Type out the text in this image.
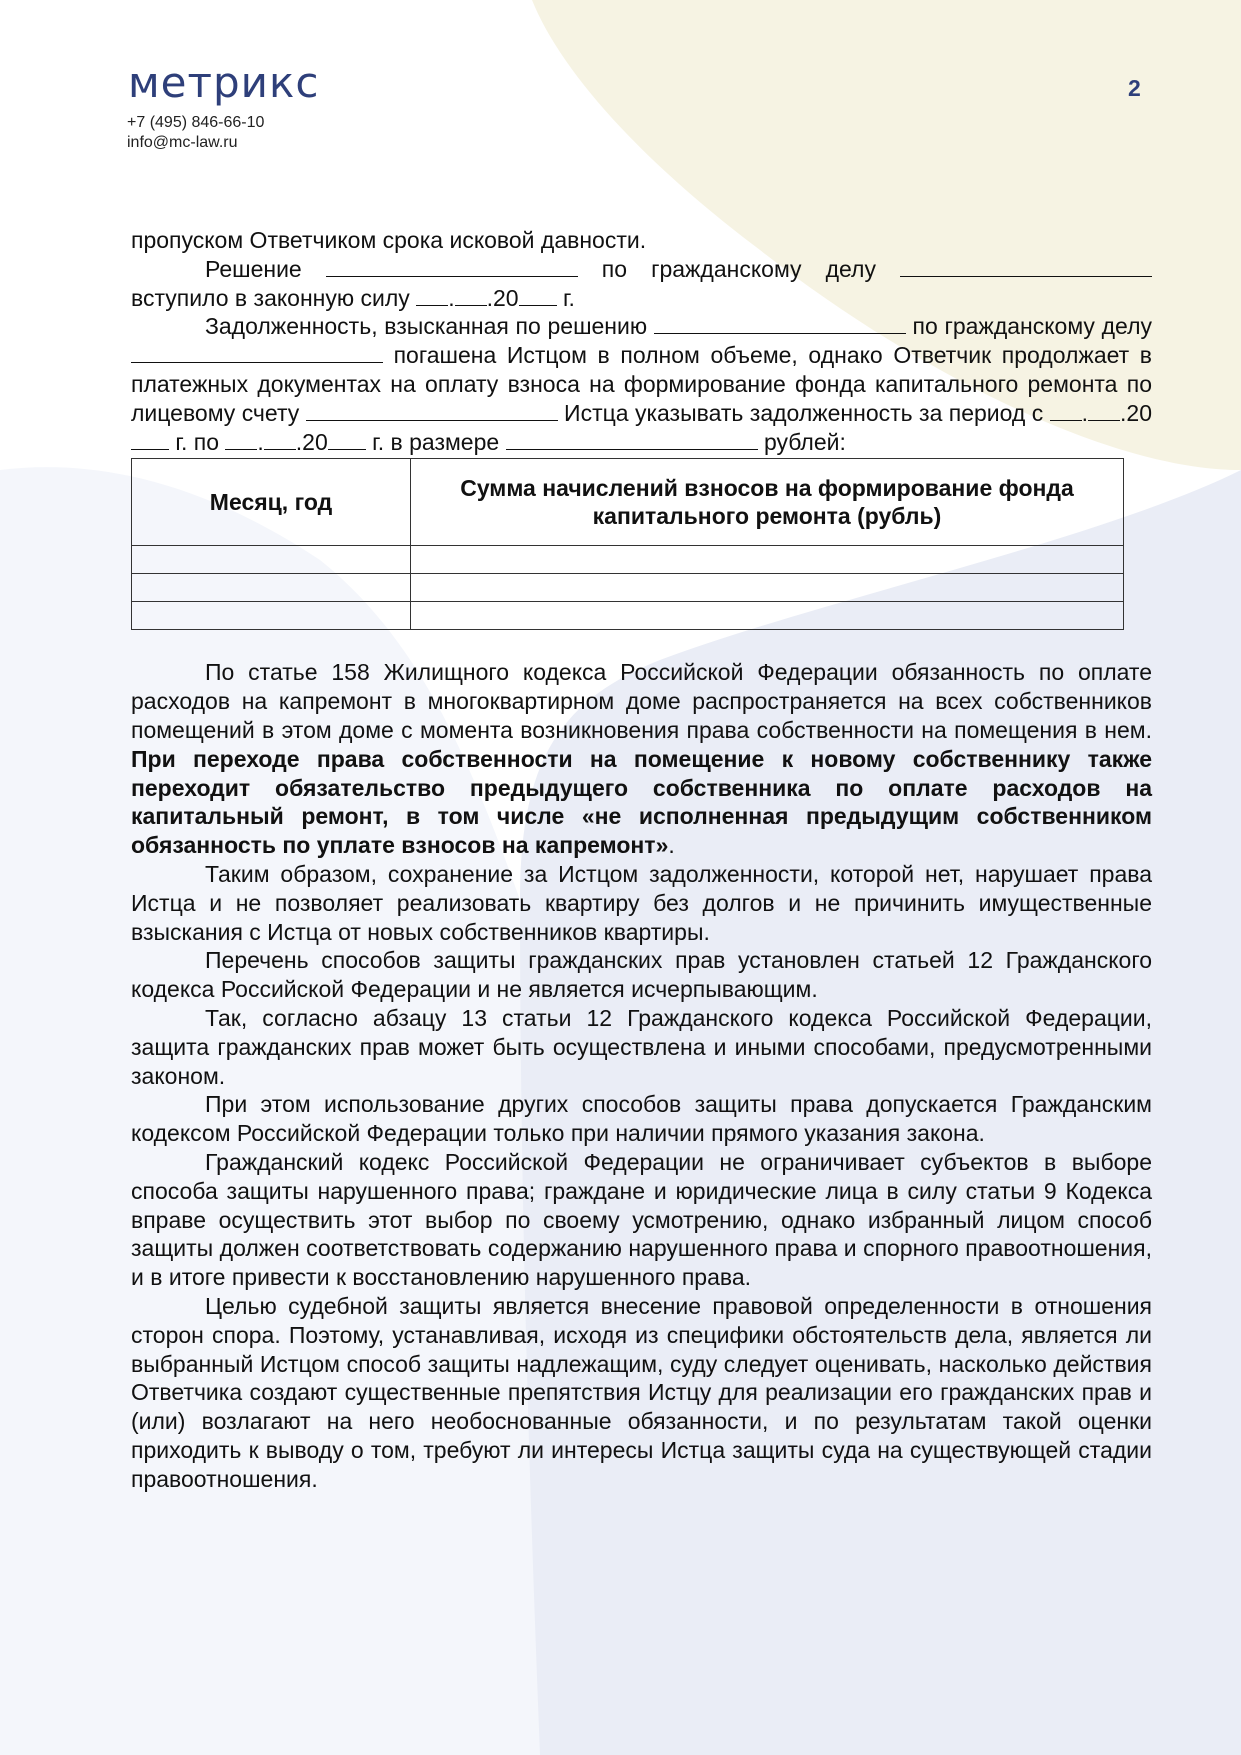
метрикс
+7 (495) 846-66-10
info@mc-law.ru
2

пропуском Ответчиком срока исковой давности.

Решение	по гражданскому делу  вступило в законную силу . .20 г.

Задолженность, взысканная по решению	по гражданскому делу  погашена Истцом в полном объеме, однако Ответчик продолжает в платежных документах на оплату взноса на формирование фонда капитального ремонта по лицевому счету	Истца указывать задолженность за период с . .20 г. по . .20 г. в размере	рублей:

Месяц, год	Сумма начислений взносов на формирование фонда капитального ремонта (рубль)

По статье 158 Жилищного кодекса Российской Федерации обязанность по оплате расходов на капремонт в многоквартирном доме распространяется на всех собственников помещений в этом доме с момента возникновения права собственности на помещения в нем. При переходе права собственности на помещение к новому собственнику также переходит обязательство предыдущего собственника по оплате расходов на капитальный ремонт, в том числе «не исполненная предыдущим собственником обязанность по уплате взносов на капремонт».

Таким образом, сохранение за Истцом задолженности, которой нет, нарушает права Истца и не позволяет реализовать квартиру без долгов и не причинить имущественные взыскания с Истца от новых собственников квартиры.

Перечень способов защиты гражданских прав установлен статьей 12 Гражданского кодекса Российской Федерации и не является исчерпывающим.

Так, согласно абзацу 13 статьи 12 Гражданского кодекса Российской Федерации, защита гражданских прав может быть осуществлена и иными способами, предусмотренными законом.

При этом использование других способов защиты права допускается Гражданским кодексом Российской Федерации только при наличии прямого указания закона.

Гражданский кодекс Российской Федерации не ограничивает субъектов в выборе способа защиты нарушенного права; граждане и юридические лица в силу статьи 9 Кодекса вправе осуществить этот выбор по своему усмотрению, однако избранный лицом способ защиты должен соответствовать содержанию нарушенного права и спорного правоотношения, и в итоге привести к восстановлению нарушенного права.

Целью судебной защиты является внесение правовой определенности в отношения сторон спора. Поэтому, устанавливая, исходя из специфики обстоятельств дела, является ли выбранный Истцом способ защиты надлежащим, суду следует оценивать, насколько действия Ответчика создают существенные препятствия Истцу для реализации его гражданских прав и (или) возлагают на него необоснованные обязанности, и по результатам такой оценки приходить к выводу о том, требуют ли интересы Истца защиты суда на существующей стадии правоотношения.
